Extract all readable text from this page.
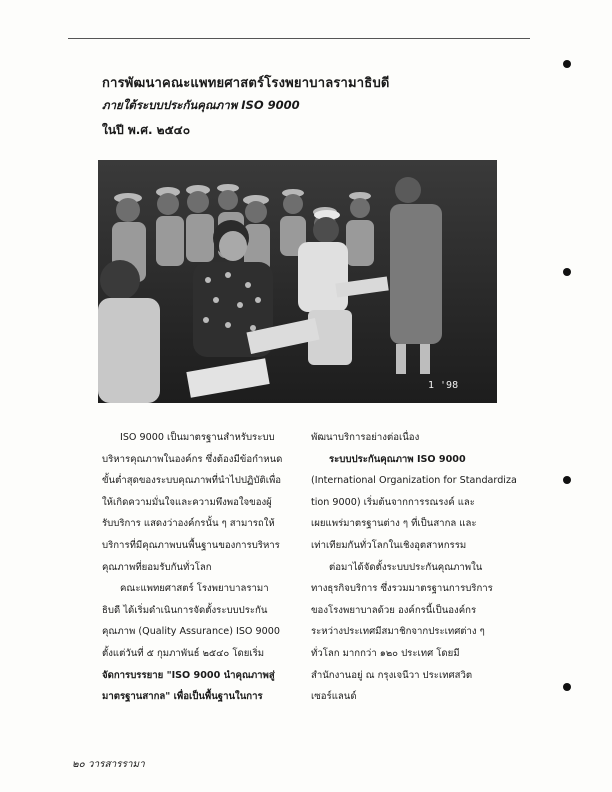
การพัฒนาคณะแพทยศาสตร์โรงพยาบาลรามาธิบดี
ภายใต้ระบบประกันคุณภาพ ISO 9000
ในปี พ.ศ. ๒๕๔๐
1 '98

ISO 9000 เป็นมาตรฐานสำหรับระบบ

บริหารคุณภาพในองค์กร ซึ่งต้องมีข้อกำหนด

ขั้นต่ำสุดของระบบคุณภาพที่นำไปปฏิบัติเพื่อ

ให้เกิดความมั่นใจและความพึงพอใจของผู้

รับบริการ แสดงว่าองค์กรนั้น ๆ สามารถให้

บริการที่มีคุณภาพบนพื้นฐานของการบริหาร

คุณภาพที่ยอมรับกันทั่วโลก

คณะแพทยศาสตร์ โรงพยาบาลรามา

ธิบดี ได้เริ่มดำเนินการจัดตั้งระบบประกัน

คุณภาพ (Quality Assurance) ISO 9000

ตั้งแต่วันที่ ๕ กุมภาพันธ์ ๒๕๔๐ โดยเริ่ม

จัดการบรรยาย "ISO 9000 นำคุณภาพสู่

มาตรฐานสากล" เพื่อเป็นพื้นฐานในการ

พัฒนาบริการอย่างต่อเนื่อง

ระบบประกันคุณภาพ ISO 9000

(International Organization for Standardiza

tion 9000) เริ่มต้นจากการรณรงค์ และ

เผยแพร่มาตรฐานต่าง ๆ ที่เป็นสากล และ

เท่าเทียมกันทั่วโลกในเชิงอุตสาหกรรม

ต่อมาได้จัดตั้งระบบประกันคุณภาพใน

ทางธุรกิจบริการ ซึ่งรวมมาตรฐานการบริการ

ของโรงพยาบาลด้วย องค์กรนี้เป็นองค์กร

ระหว่างประเทศมีสมาชิกจากประเทศต่าง ๆ

ทั่วโลก มากกว่า ๑๒๐ ประเทศ โดยมี

สำนักงานอยู่ ณ กรุงเจนีวา ประเทศสวิต

เซอร์แลนด์

๒๐ วารสารรามา
